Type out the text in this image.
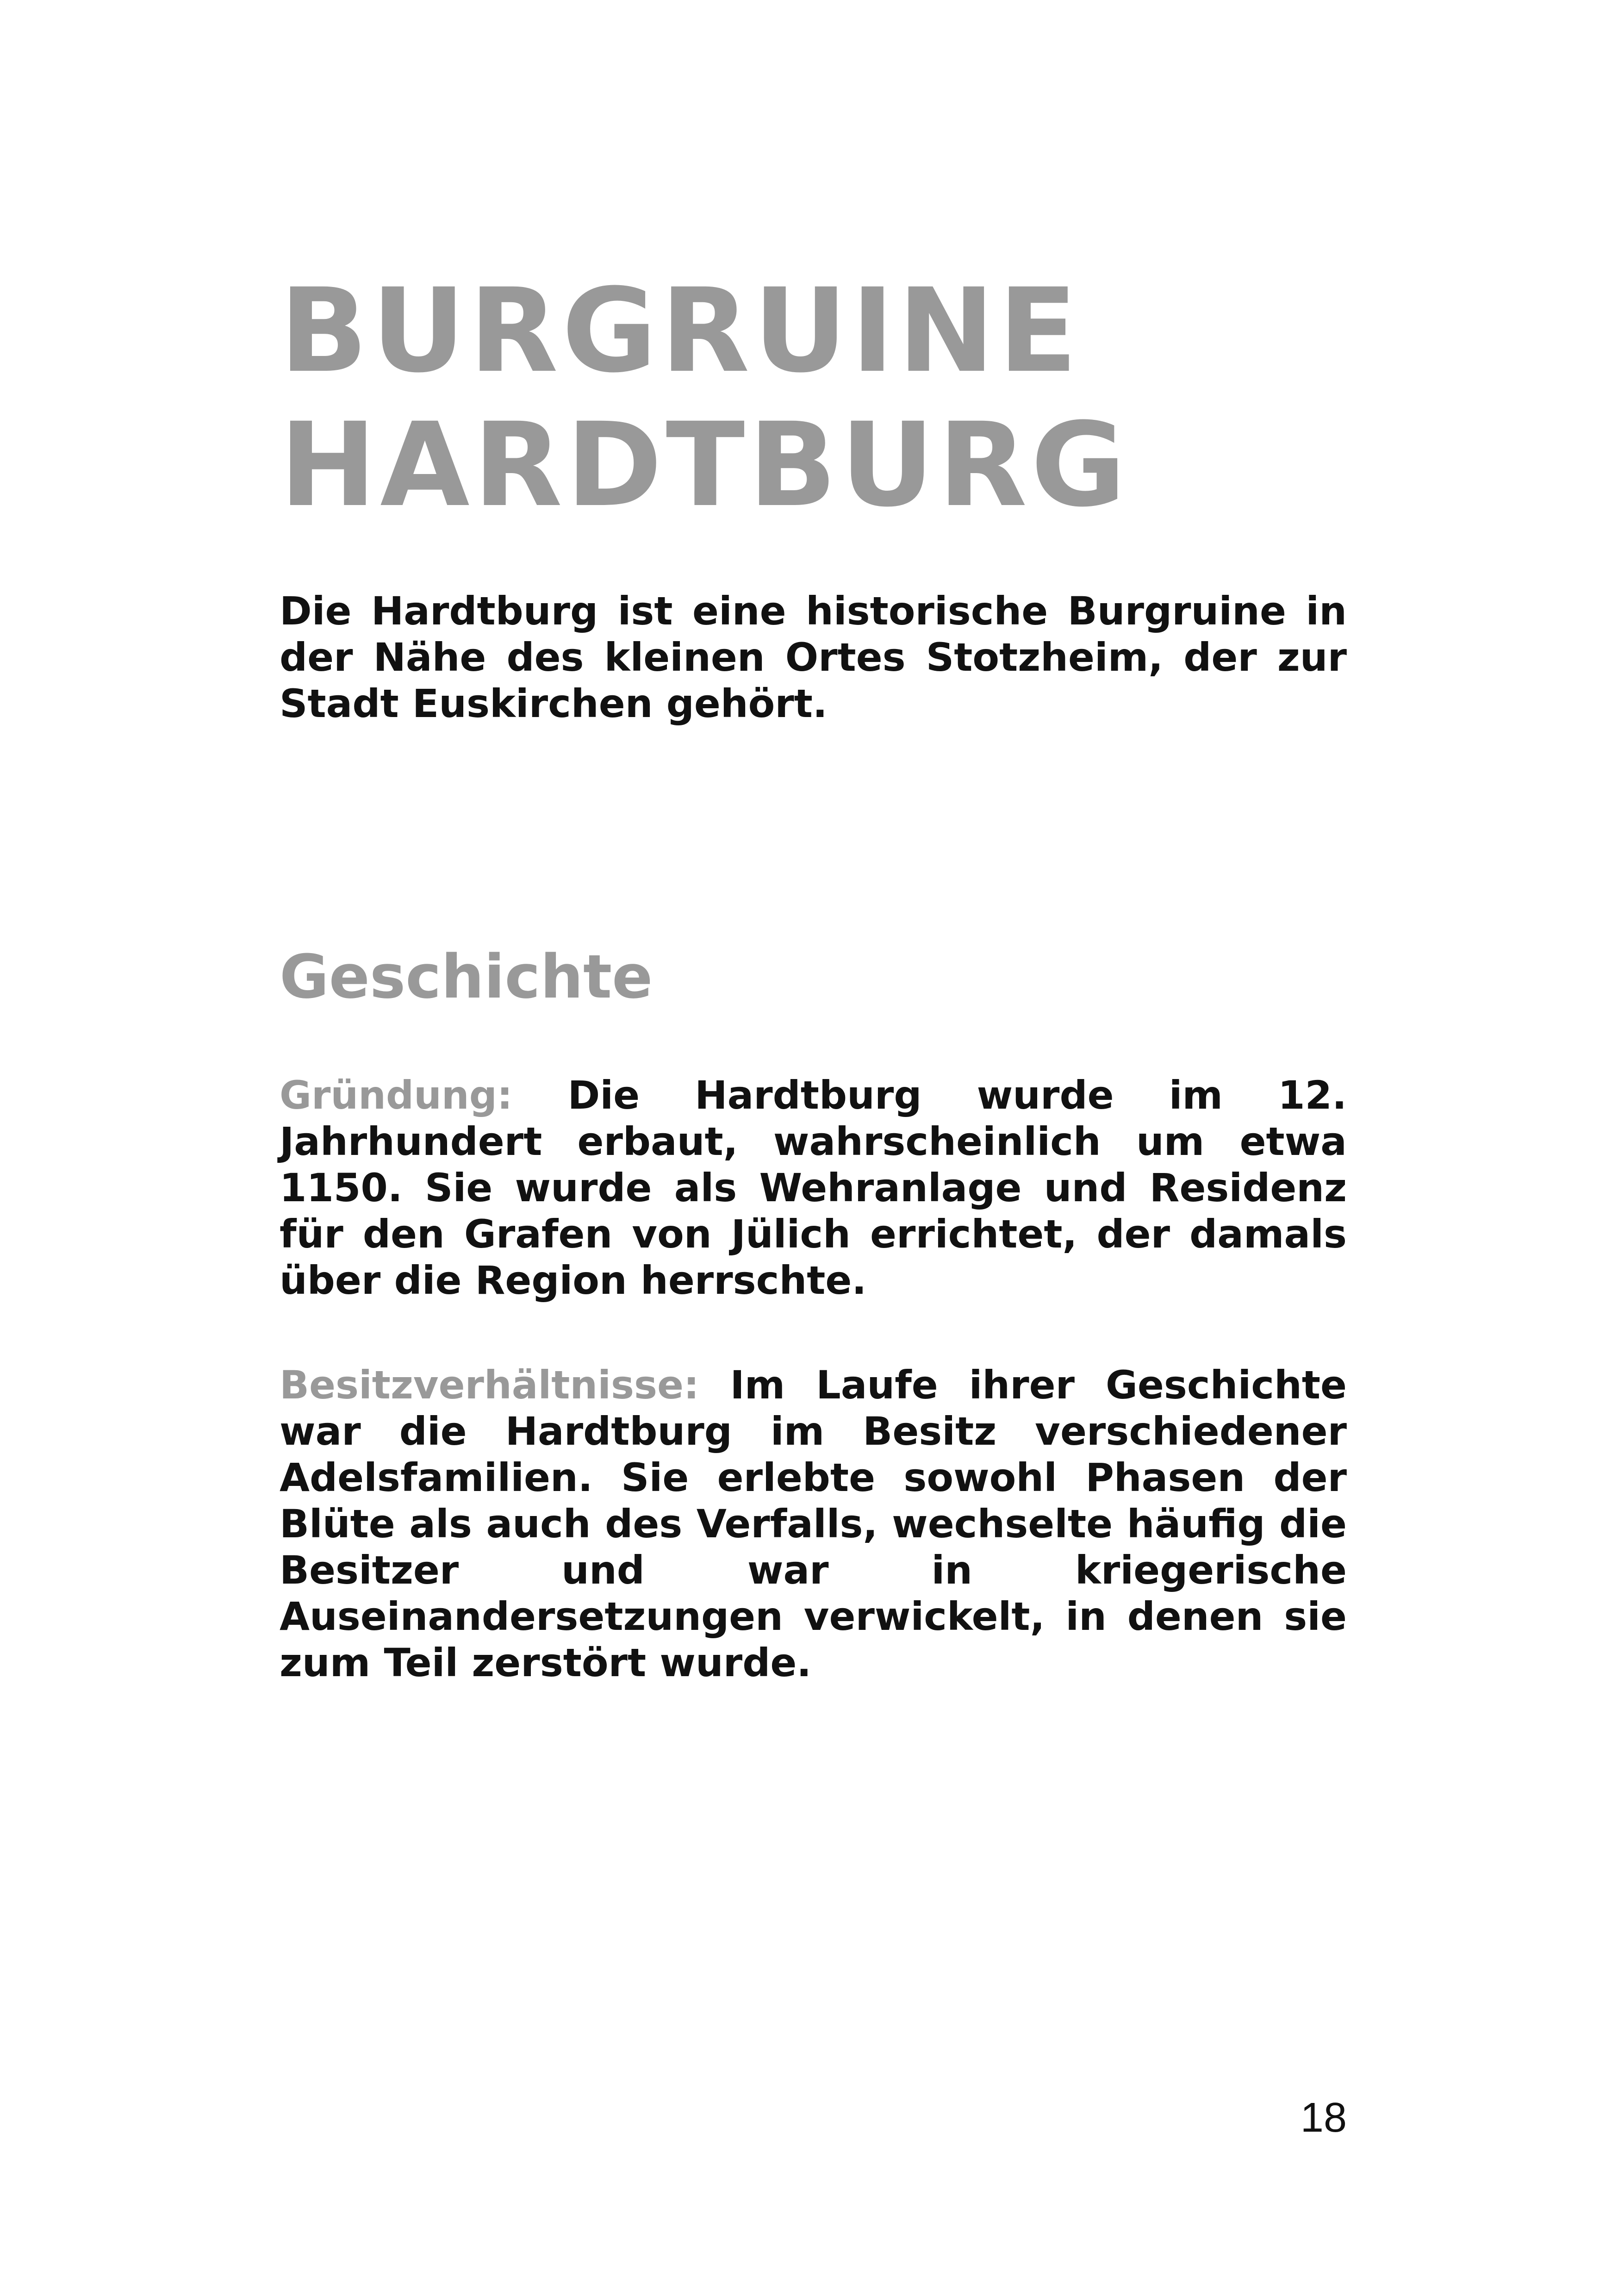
BURGRUINE
HARDTBURG

Die Hardtburg ist eine historische Burgruine in der Nähe des kleinen Ortes Stotzheim, der zur Stadt Euskirchen gehört.

Geschichte

Gründung: Die Hardtburg wurde im 12. Jahrhundert erbaut, wahrscheinlich um etwa 1150. Sie wurde als Wehranlage und Residenz für den Grafen von Jülich errichtet, der damals über die Region herrschte.

Besitzverhältnisse: Im Laufe ihrer Geschichte war die Hardtburg im Besitz verschiedener Adelsfamilien. Sie erlebte sowohl Phasen der Blüte als auch des Verfalls, wechselte häufig die Besitzer und war in kriegerische Auseinandersetzungen verwickelt, in denen sie zum Teil zerstört wurde.

18
